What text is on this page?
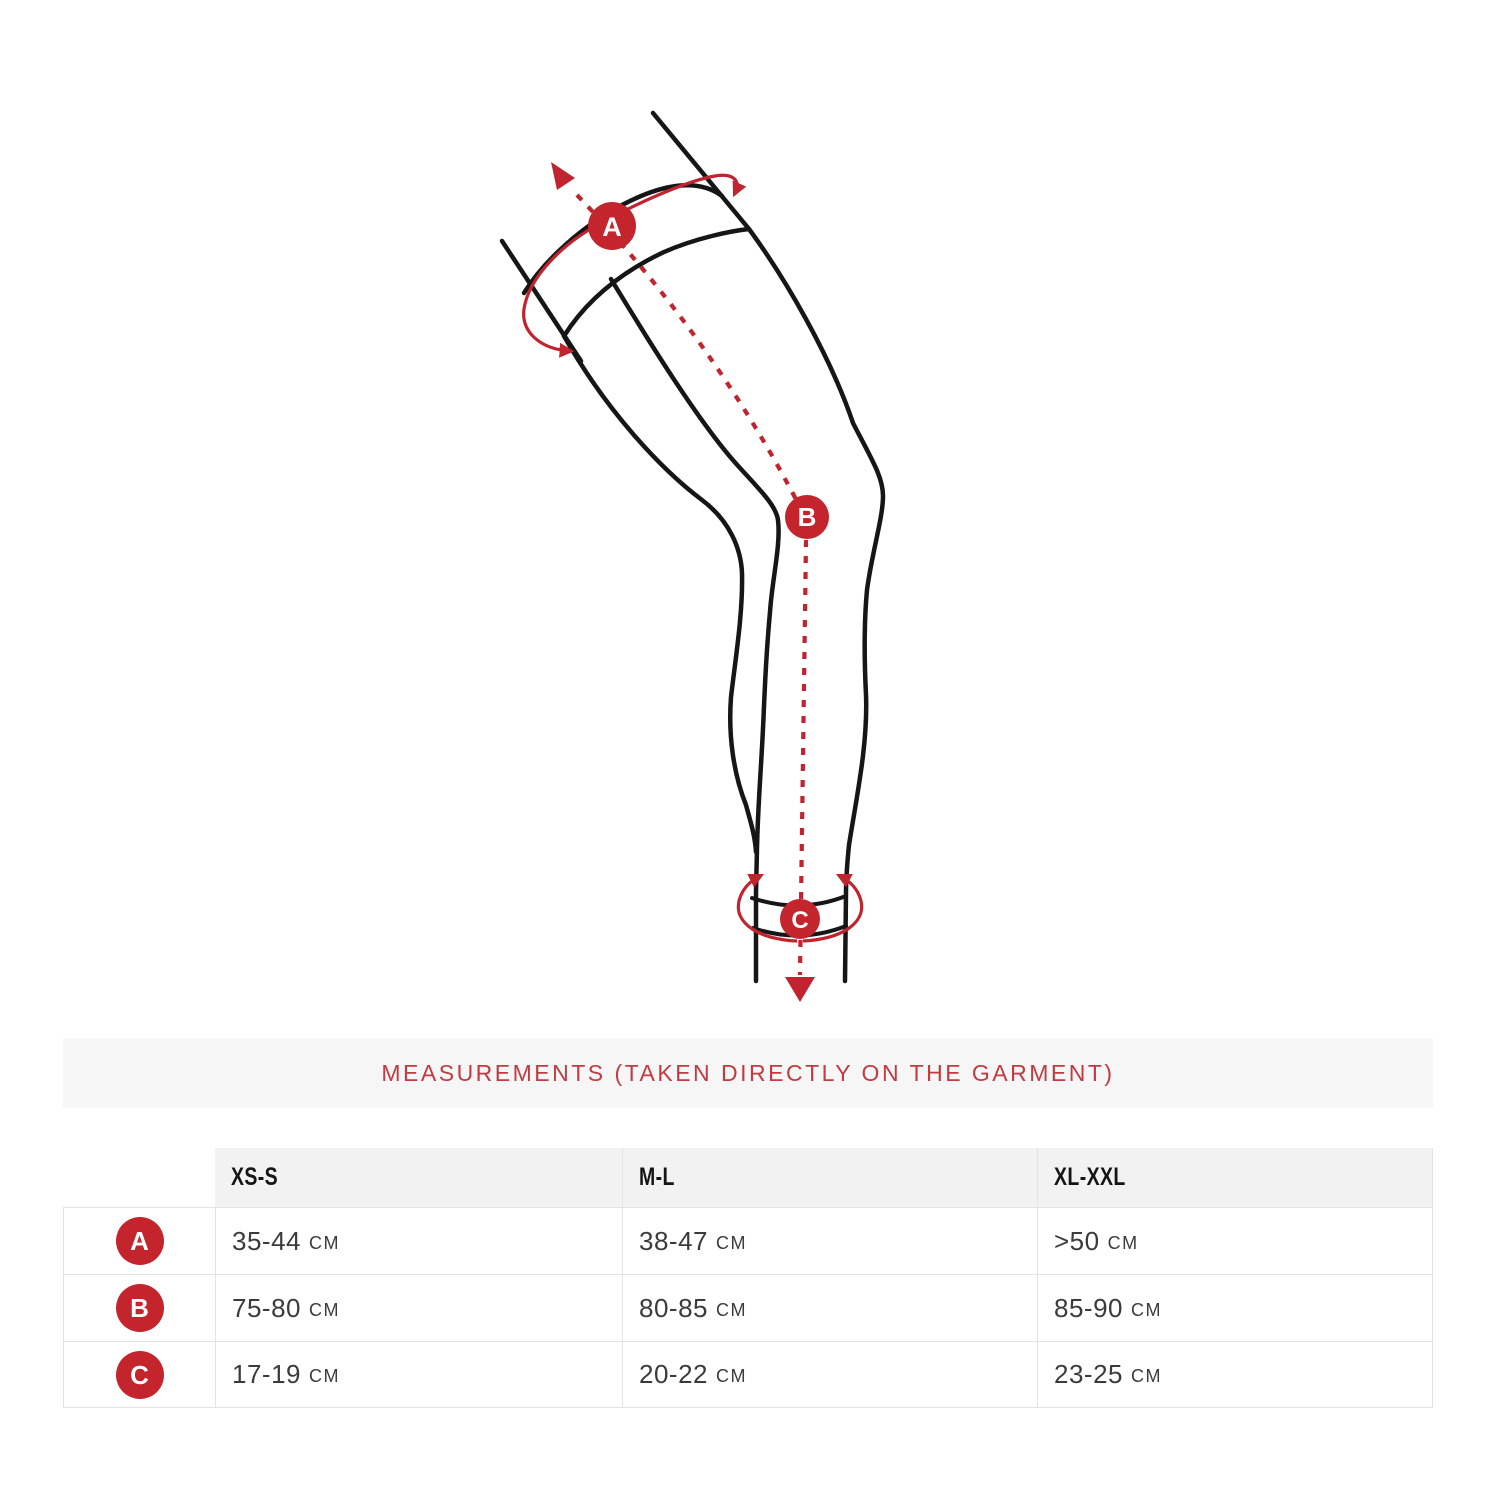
A
B
C
MEASUREMENTS (TAKEN DIRECTLY ON THE GARMENT)
XS-S	M-L	XL-XXL
A	35-44 CM	38-47 CM	>50 CM
B	75-80 CM	80-85 CM	85-90 CM
C	17-19 CM	20-22 CM	23-25 CM
